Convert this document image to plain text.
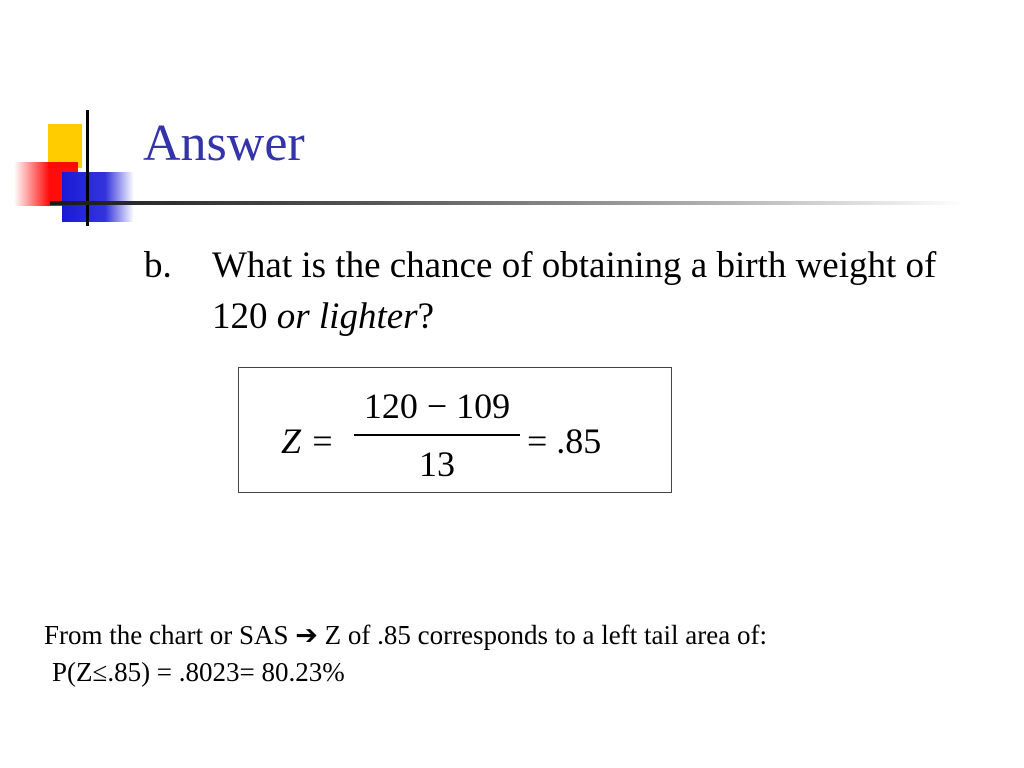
Answer
b. What is the chance of obtaining a birth weight of 120 or lighter?
Z =
120 − 109
13
= .85
From the chart or SAS ➔ Z of .85 corresponds to a left tail area of:
P(Z≤.85) = .8023= 80.23%
